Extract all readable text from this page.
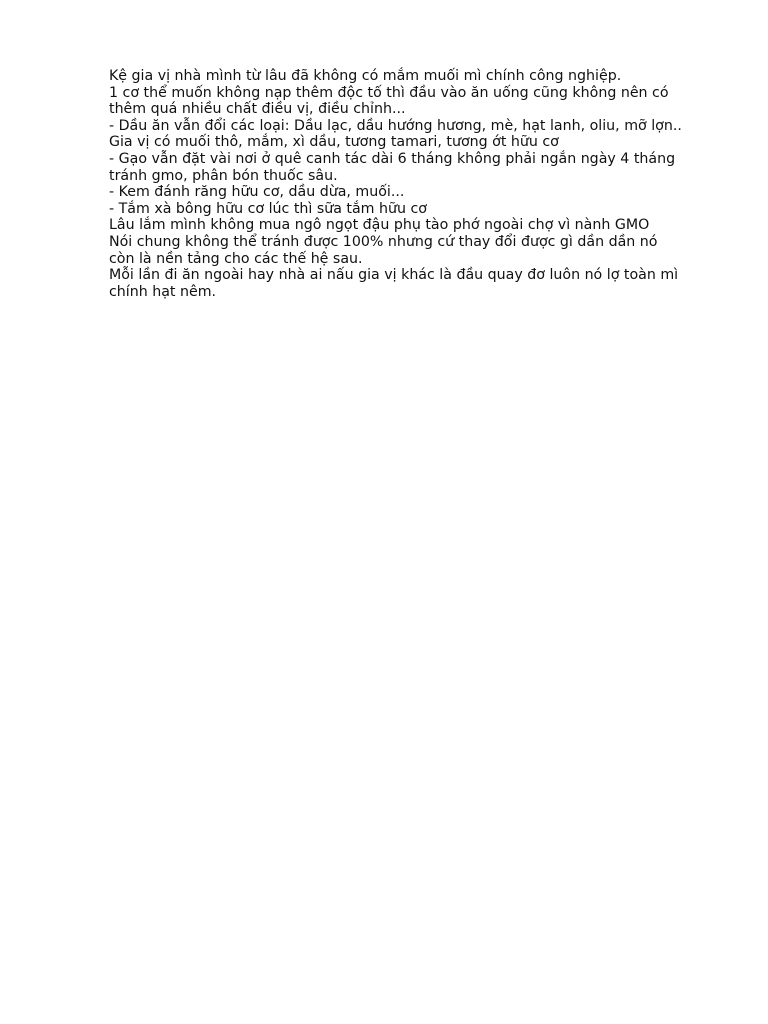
Kệ gia vị nhà mình từ lâu đã không có mắm muối mì chính công nghiệp.
1 cơ thể muốn không nạp thêm độc tố thì đầu vào ăn uống cũng không nên có
thêm quá nhiều chất điều vị, điều chỉnh...
- Dầu ăn vẫn đổi các loại: Dầu lạc, dầu hướng hương, mè, hạt lanh, oliu, mỡ lợn..
Gia vị có muối thô, mắm, xì dầu, tương tamari, tương ớt hữu cơ
- Gạo vẫn đặt vài nơi ở quê canh tác dài 6 tháng không phải ngắn ngày 4 tháng
tránh gmo, phân bón thuốc sâu.
- Kem đánh răng hữu cơ, dầu dừa, muối...
- Tắm xà bông hữu cơ lúc thì sữa tắm hữu cơ
Lâu lắm mình không mua ngô ngọt đậu phụ tào phớ ngoài chợ vì nành GMO
Nói chung không thể tránh được 100% nhưng cứ thay đổi được gì dần dần nó
còn là nền tảng cho các thế hệ sau.
Mỗi lần đi ăn ngoài hay nhà ai nấu gia vị khác là đầu quay đơ luôn nó lợ toàn mì
chính hạt nêm.
